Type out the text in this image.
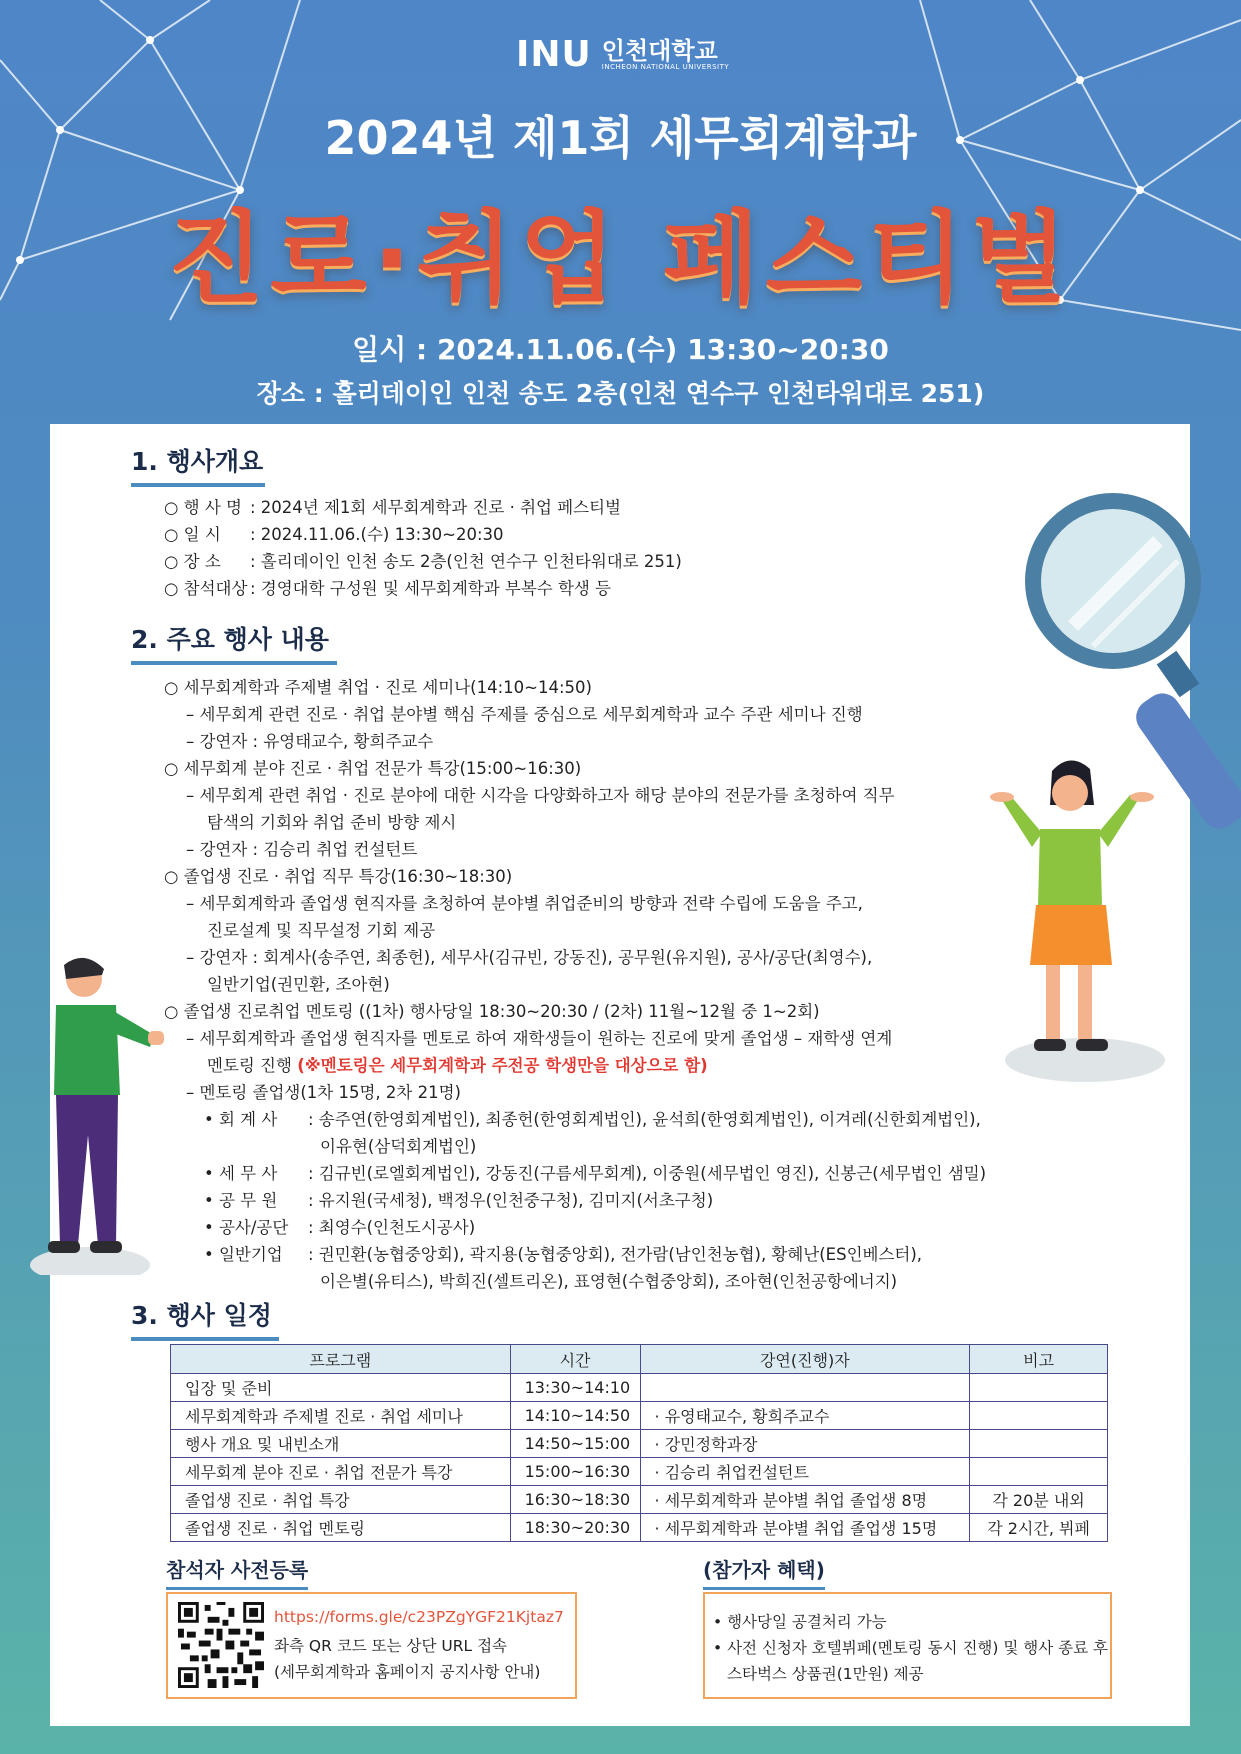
INU 인천대학교
INCHEON NATIONAL UNIVERSITY
2024년 제1회 세무회계학과
진로·취업 페스티벌
일시 : 2024.11.06.(수) 13:30~20:30
장소 : 홀리데이인 인천 송도 2층(인천 연수구 인천타워대로 251)
1. 행사개요
○ 행 사 명 : 2024년 제1회 세무회계학과 진로 · 취업 페스티벌
○ 일 시 : 2024.11.06.(수) 13:30~20:30
○ 장 소 : 홀리데이인 인천 송도 2층(인천 연수구 인천타워대로 251)
○ 참석대상 : 경영대학 구성원 및 세무회계학과 부복수 학생 등
2. 주요 행사 내용
○ 세무회계학과 주제별 취업 · 진로 세미나(14:10~14:50)
– 세무회계 관련 진로 · 취업 분야별 핵심 주제를 중심으로 세무회계학과 교수 주관 세미나 진행
– 강연자 : 유영태교수, 황희주교수
○ 세무회계 분야 진로 · 취업 전문가 특강(15:00~16:30)
– 세무회계 관련 취업 · 진로 분야에 대한 시각을 다양화하고자 해당 분야의 전문가를 초청하여 직무
탐색의 기회와 취업 준비 방향 제시
– 강연자 : 김승리 취업 컨설턴트
○ 졸업생 진로 · 취업 직무 특강(16:30~18:30)
– 세무회계학과 졸업생 현직자를 초청하여 분야별 취업준비의 방향과 전략 수립에 도움을 주고,
진로설계 및 직무설정 기회 제공
– 강연자 : 회계사(송주연, 최종헌), 세무사(김규빈, 강동진), 공무원(유지원), 공사/공단(최영수),
일반기업(권민환, 조아현)
○ 졸업생 진로취업 멘토링 ((1차) 행사당일 18:30~20:30 / (2차) 11월~12월 중 1~2회)
– 세무회계학과 졸업생 현직자를 멘토로 하여 재학생들이 원하는 진로에 맞게 졸업생 – 재학생 연계
멘토링 진행 (※멘토링은 세무회계학과 주전공 학생만을 대상으로 함)
– 멘토링 졸업생(1차 15명, 2차 21명)
• 회 계 사 : 송주연(한영회계법인), 최종헌(한영회계법인), 윤석희(한영회계법인), 이겨레(신한회계법인),
이유현(삼덕회계법인)
• 세 무 사 : 김규빈(로엘회계법인), 강동진(구름세무회계), 이중원(세무법인 영진), 신봉근(세무법인 샘밀)
• 공 무 원 : 유지원(국세청), 백정우(인천중구청), 김미지(서초구청)
• 공사/공단 : 최영수(인천도시공사)
• 일반기업 : 권민환(농협중앙회), 곽지용(농협중앙회), 전가람(남인천농협), 황혜난(ES인베스터),
이은별(유티스), 박희진(셀트리온), 표영현(수협중앙회), 조아현(인천공항에너지)
3. 행사 일정
프로그램	시간	강연(진행)자	비고
입장 및 준비	13:30~14:10		
세무회계학과 주제별 진로 · 취업 세미나	14:10~14:50	· 유영태교수, 황희주교수	
행사 개요 및 내빈소개	14:50~15:00	· 강민정학과장	
세무회계 분야 진로 · 취업 전문가 특강	15:00~16:30	· 김승리 취업컨설턴트	
졸업생 진로 · 취업 특강	16:30~18:30	· 세무회계학과 분야별 취업 졸업생 8명	각 20분 내외
졸업생 진로 · 취업 멘토링	18:30~20:30	· 세무회계학과 분야별 취업 졸업생 15명	각 2시간, 뷔페
참석자 사전등록
https://forms.gle/c23PZgYGF21Kjtaz7
좌측 QR 코드 또는 상단 URL 접속
(세무회계학과 홈페이지 공지사항 안내)
(참가자 혜택)
• 행사당일 공결처리 가능
• 사전 신청자 호텔뷔페(멘토링 동시 진행) 및 행사 종료 후
스타벅스 상품권(1만원) 제공
